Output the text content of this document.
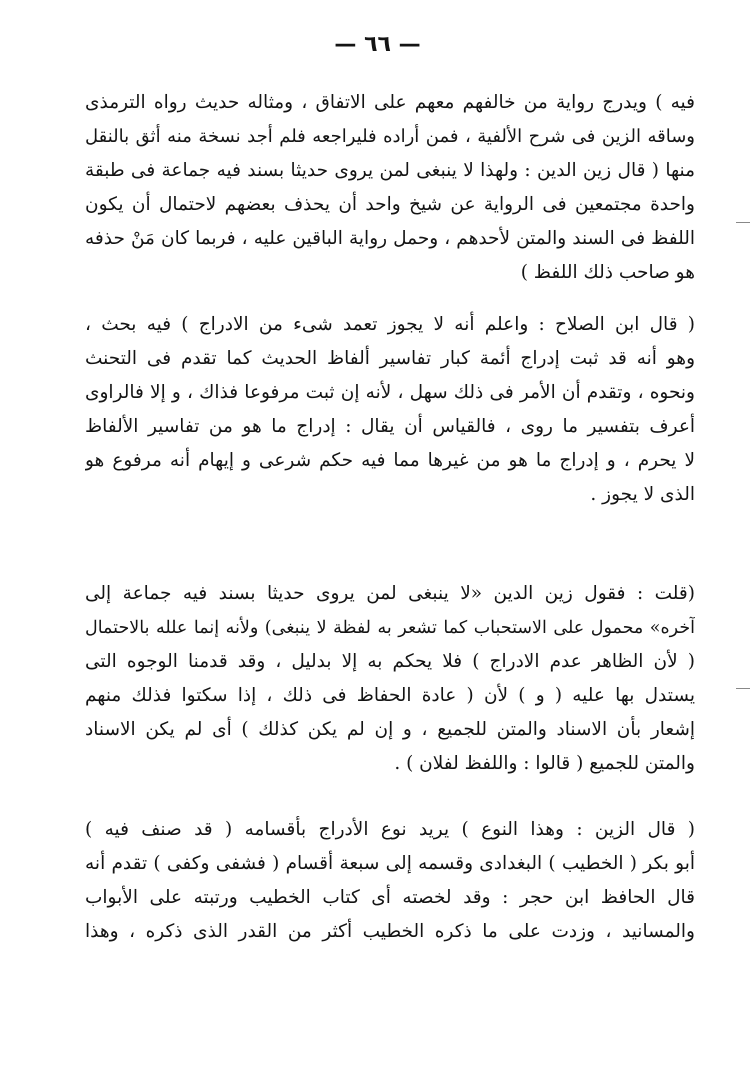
— ٦٦ —
فيه ) ويدرج رواية من خالفهم معهم على الاتفاق ، ومثاله حديث رواه الترمذى
وساقه الزين فى شرح الألفية ، فمن أراده فليراجعه فلم أجد نسخة منه أثق بالنقل
منها ( قال زين الدين : ولهذا لا ينبغى لمن يروى حديثا بسند فيه جماعة فى طبقة
واحدة مجتمعين فى الرواية عن شيخ واحد أن يحذف بعضهم لاحتمال أن يكون
اللفظ فى السند والمتن لأحدهم ، وحمل رواية الباقين عليه ، فربما كان مَنْ حذفه
هو صاحب ذلك اللفظ )
( قال ابن الصلاح : واعلم أنه لا يجوز تعمد شىء من الادراج ) فيه بحث ،
وهو أنه قد ثبت إدراج أئمة كبار تفاسير ألفاظ الحديث كما تقدم فى التحنث
ونحوه ، وتقدم أن الأمر فى ذلك سهل ، لأنه إن ثبت مرفوعا فذاك ، و إلا فالراوى
أعرف بتفسير ما روى ، فالقياس أن يقال : إدراج ما هو من تفاسير الألفاظ
لا يحرم ، و إدراج ما هو من غيرها مما فيه حكم شرعى و إيهام أنه مرفوع هو
الذى لا يجوز .
(قلت : فقول زين الدين «لا ينبغى لمن يروى حديثا بسند فيه جماعة إلى
آخره» محمول على الاستحباب كما تشعر به لفظة لا ينبغى) ولأنه إنما علله بالاحتمال
( لأن الظاهر عدم الادراج ) فلا يحكم به إلا بدليل ، وقد قدمنا الوجوه التى
يستدل بها عليه ( و ) لأن ( عادة الحفاظ فى ذلك ، إذا سكتوا فذلك منهم
إشعار بأن الاسناد والمتن للجميع ، و إن لم يكن كذلك ) أى لم يكن الاسناد
والمتن للجميع ( قالوا : واللفظ لفلان ) .
( قال الزين : وهذا النوع ) يريد نوع الأدراج بأقسامه ( قد صنف فيه )
أبو بكر ( الخطيب ) البغدادى وقسمه إلى سبعة أقسام ( فشفى وكفى ) تقدم أنه
قال الحافظ ابن حجر : وقد لخصته أى كتاب الخطيب ورتبته على الأبواب
والمسانيد ، وزدت على ما ذكره الخطيب أكثر من القدر الذى ذكره ، وهذا
